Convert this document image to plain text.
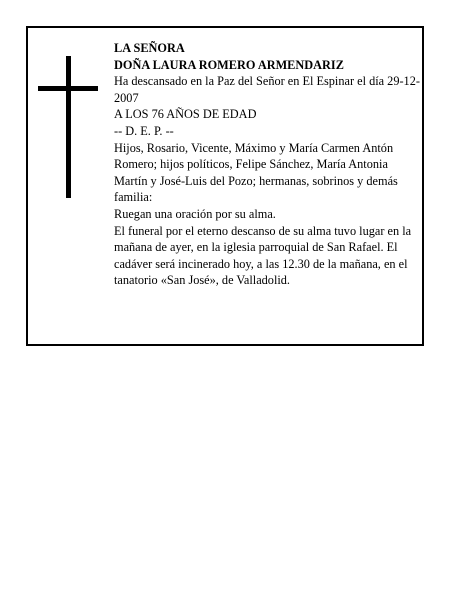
LA SEÑORA
DOÑA LAURA ROMERO ARMENDARIZ
Ha descansado en la Paz del Señor en El Espinar el día 29-12-2007
A LOS 76 AÑOS DE EDAD
-- D. E. P. --
Hijos, Rosario, Vicente, Máximo y María Carmen Antón Romero; hijos políticos, Felipe Sánchez, María Antonia Martín y José-Luis del Pozo; hermanas, sobrinos y demás familia:
Ruegan una oración por su alma.
El funeral por el eterno descanso de su alma tuvo lugar en la mañana de ayer, en la iglesia parroquial de San Rafael. El cadáver será incinerado hoy, a las 12.30 de la mañana, en el tanatorio «San José», de Valladolid.
